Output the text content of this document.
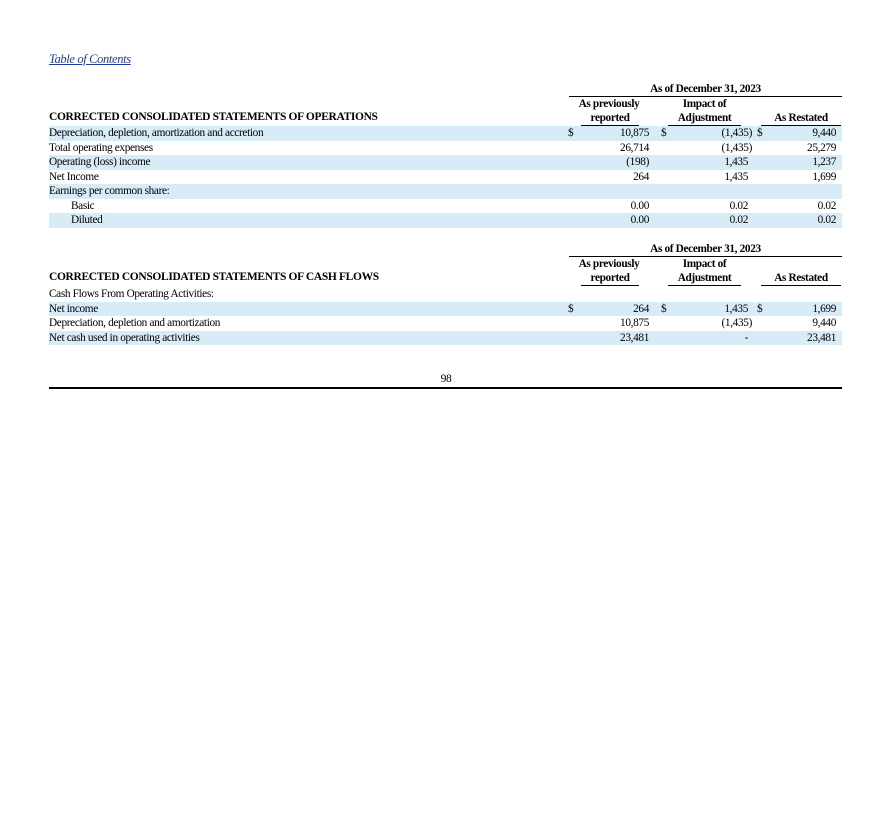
Table of Contents
As of December 31, 2023
As previously
reported
Impact of
Adjustment	As Restated
CORRECTED CONSOLIDATED STATEMENTS OF OPERATIONS
Depreciation, depletion, amortization and accretion	$	10,875 $	(1,435) $	9,440
Total operating expenses	26,714	(1,435)	25,279
Operating (loss) income	(198)	1,435	1,237
Net Income	264	1,435	1,699
Earnings per common share:
Basic	0.00	0.02	0.02
Diluted	0.00	0.02	0.02
As of December 31, 2023
As previously
reported
Impact of
Adjustment	As Restated
CORRECTED CONSOLIDATED STATEMENTS OF CASH FLOWS
Cash Flows From Operating Activities:
Net income	$	264 $	1,435 $	1,699
Depreciation, depletion and amortization	10,875	(1,435)	9,440
Net cash used in operating activities	23,481	-	23,481
98
